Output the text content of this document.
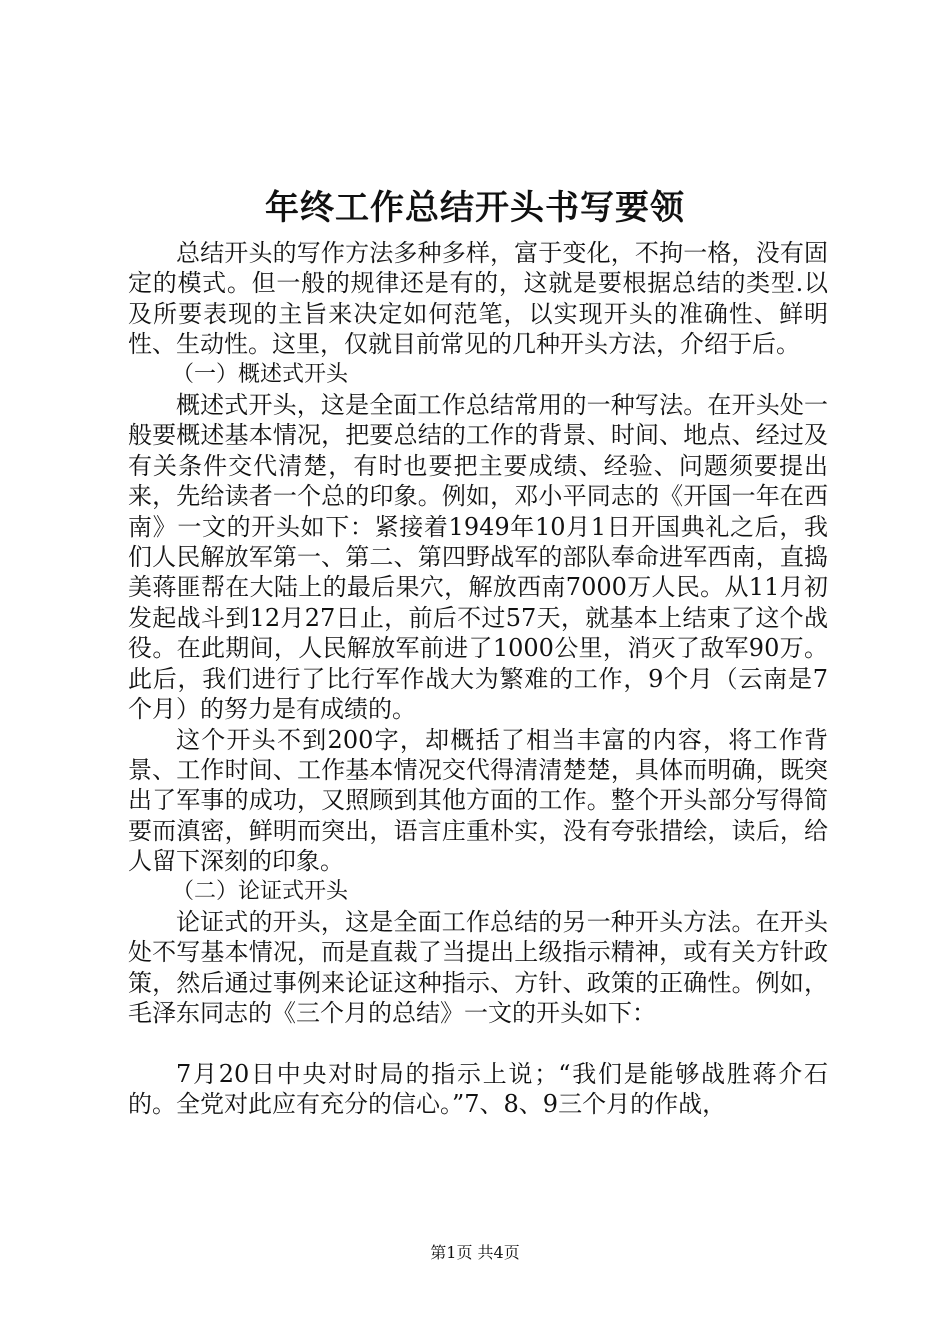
年终工作总结开头书写要领

总结开头的写作方法多种多样，富于变化，不拘一格，没有固定的模式。但一般的规律还是有的，这就是要根据总结的类型.以及所要表现的主旨来决定如何范笔，以实现开头的准确性、鲜明性、生动性。这里，仅就目前常见的几种开头方法，介绍于后。

（一）概述式开头

概述式开头，这是全面工作总结常用的一种写法。在开头处一般要概述基本情况，把要总结的工作的背景、时间、地点、经过及有关条件交代清楚，有时也要把主要成绩、经验、问题须要提出来，先给读者一个总的印象。例如，邓小平同志的《开国一年在西南》一文的开头如下：紧接着1949年10月1日开国典礼之后，我们人民解放军第一、第二、第四野战军的部队奉命进军西南，直捣美蒋匪帮在大陆上的最后果穴，解放西南7000万人民。从11月初发起战斗到12月27日止，前后不过57天，就基本上结束了这个战役。在此期间，人民解放军前进了1000公里，消灭了敌军90万。此后，我们进行了比行军作战大为繁难的工作，9个月（云南是7个月）的努力是有成绩的。

这个开头不到200字，却概括了相当丰富的内容，将工作背景、工作时间、工作基本情况交代得清清楚楚，具体而明确，既突出了军事的成功，又照顾到其他方面的工作。整个开头部分写得简要而滇密，鲜明而突出，语言庄重朴实，没有夸张措绘，读后，给人留下深刻的印象。

（二）论证式开头

论证式的开头，这是全面工作总结的另一种开头方法。在开头处不写基本情况，而是直裁了当提出上级指示精神，或有关方针政策，然后通过事例来论证这种指示、方针、政策的正确性。例如，毛泽东同志的《三个月的总结》一文的开头如下：

7月20日中央对时局的指示上说；“我们是能够战胜蒋介石的。全党对此应有充分的信心。”7、8、9三个月的作战，

第1页 共4页
